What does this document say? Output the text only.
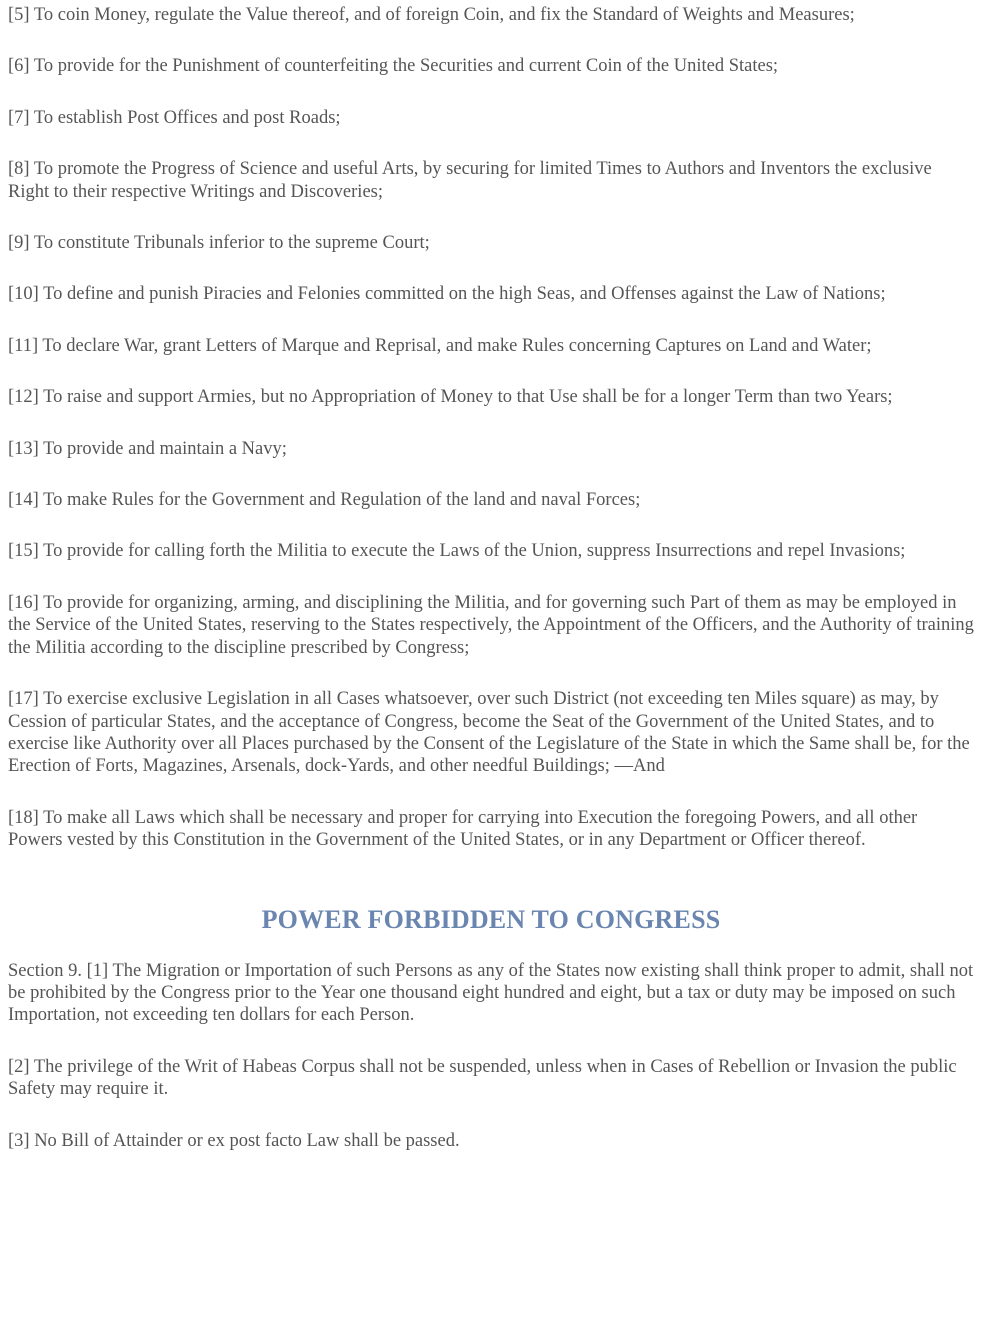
[5] To coin Money, regulate the Value thereof, and of foreign Coin, and fix the Standard of Weights and Measures;

[6] To provide for the Punishment of counterfeiting the Securities and current Coin of the United States;

[7] To establish Post Offices and post Roads;

[8] To promote the Progress of Science and useful Arts, by securing for limited Times to Authors and Inventors the exclusive Right to their respective Writings and Discoveries;

[9] To constitute Tribunals inferior to the supreme Court;

[10] To define and punish Piracies and Felonies committed on the high Seas, and Offenses against the Law of Nations;

[11] To declare War, grant Letters of Marque and Reprisal, and make Rules concerning Captures on Land and Water;

[12] To raise and support Armies, but no Appropriation of Money to that Use shall be for a longer Term than two Years;

[13] To provide and maintain a Navy;

[14] To make Rules for the Government and Regulation of the land and naval Forces;

[15] To provide for calling forth the Militia to execute the Laws of the Union, suppress Insurrections and repel Invasions;

[16] To provide for organizing, arming, and disciplining the Militia, and for governing such Part of them as may be employed in the Service of the United States, reserving to the States respectively, the Appointment of the Officers, and the Authority of training the Militia according to the discipline prescribed by Congress;

[17] To exercise exclusive Legislation in all Cases whatsoever, over such District (not exceeding ten Miles square) as may, by Cession of particular States, and the acceptance of Congress, become the Seat of the Government of the United States, and to exercise like Authority over all Places purchased by the Consent of the Legislature of the State in which the Same shall be, for the Erection of Forts, Magazines, Arsenals, dock-Yards, and other needful Buildings; —And

[18] To make all Laws which shall be necessary and proper for carrying into Execution the foregoing Powers, and all other Powers vested by this Constitution in the Government of the United States, or in any Department or Officer thereof.

POWER FORBIDDEN TO CONGRESS

Section 9. [1] The Migration or Importation of such Persons as any of the States now existing shall think proper to admit, shall not be prohibited by the Congress prior to the Year one thousand eight hundred and eight, but a tax or duty may be imposed on such Importation, not exceeding ten dollars for each Person.

[2] The privilege of the Writ of Habeas Corpus shall not be suspended, unless when in Cases of Rebellion or Invasion the public Safety may require it.

[3] No Bill of Attainder or ex post facto Law shall be passed.
